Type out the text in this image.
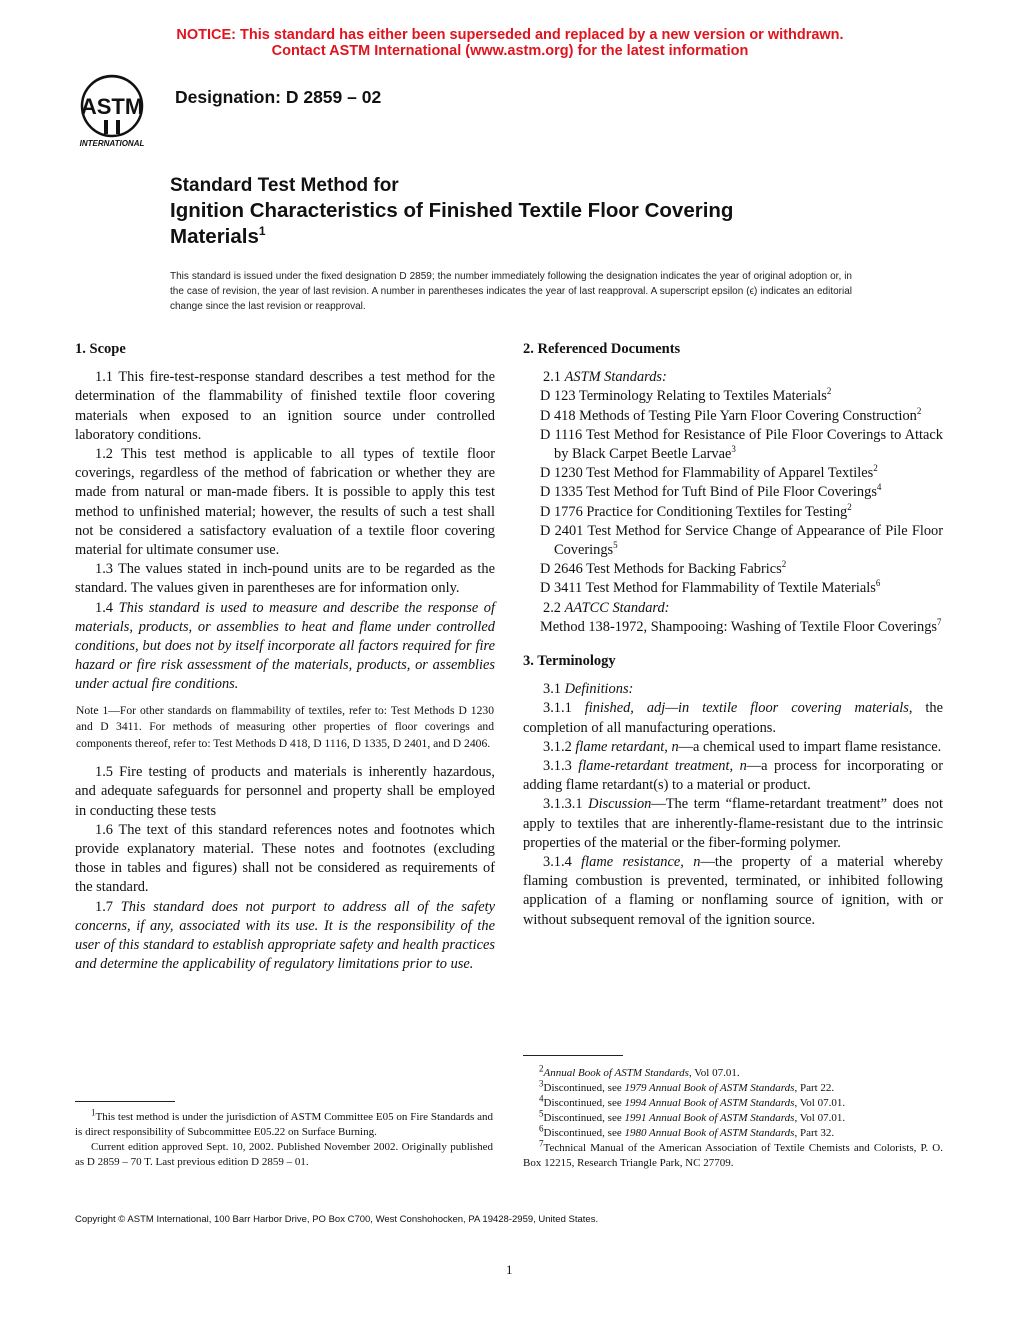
NOTICE: This standard has either been superseded and replaced by a new version or withdrawn.
Contact ASTM International (www.astm.org) for the latest information
ASTM
INTERNATIONAL
Designation: D 2859 – 02
Standard Test Method for
Ignition Characteristics of Finished Textile Floor Covering
Materials$^1$
This standard is issued under the fixed designation D 2859; the number immediately following the designation indicates the year of original adoption or, in the case of revision, the year of last revision. A number in parentheses indicates the year of last reapproval. A superscript epsilon (ϵ) indicates an editorial change since the last revision or reapproval.
1. Scope

1.1 This fire-test-response standard describes a test method for the determination of the flammability of finished textile floor covering materials when exposed to an ignition source under controlled laboratory conditions.

1.2 This test method is applicable to all types of textile floor coverings, regardless of the method of fabrication or whether they are made from natural or man-made fibers. It is possible to apply this test method to unfinished material; however, the results of such a test shall not be considered a satisfactory evaluation of a textile floor covering material for ultimate consumer use.

1.3 The values stated in inch-pound units are to be regarded as the standard. The values given in parentheses are for information only.

1.4 This standard is used to measure and describe the response of materials, products, or assemblies to heat and flame under controlled conditions, but does not by itself incorporate all factors required for fire hazard or fire risk assessment of the materials, products, or assemblies under actual fire conditions.

Note 1—For other standards on flammability of textiles, refer to: Test Methods D 1230 and D 3411. For methods of measuring other properties of floor coverings and components thereof, refer to: Test Methods D 418, D 1116, D 1335, D 2401, and D 2406.

1.5 Fire testing of products and materials is inherently hazardous, and adequate safeguards for personnel and property shall be employed in conducting these tests

1.6 The text of this standard references notes and footnotes which provide explanatory material. These notes and footnotes (excluding those in tables and figures) shall not be considered as requirements of the standard.

1.7 This standard does not purport to address all of the safety concerns, if any, associated with its use. It is the responsibility of the user of this standard to establish appropriate safety and health practices and determine the applicability of regulatory limitations prior to use.

$^1$This test method is under the jurisdiction of ASTM Committee E05 on Fire Standards and is direct responsibility of Subcommittee E05.22 on Surface Burning.

Current edition approved Sept. 10, 2002. Published November 2002. Originally published as D 2859 – 70 T. Last previous edition D 2859 – 01.

2. Referenced Documents

2.1 ASTM Standards:

D 123 Terminology Relating to Textiles Materials$^2$

D 418 Methods of Testing Pile Yarn Floor Covering Construction$^2$

D 1116 Test Method for Resistance of Pile Floor Coverings to Attack by Black Carpet Beetle Larvae$^3$

D 1230 Test Method for Flammability of Apparel Textiles$^2$

D 1335 Test Method for Tuft Bind of Pile Floor Coverings$^4$

D 1776 Practice for Conditioning Textiles for Testing$^2$

D 2401 Test Method for Service Change of Appearance of Pile Floor Coverings$^5$

D 2646 Test Methods for Backing Fabrics$^2$

D 3411 Test Method for Flammability of Textile Materials$^6$

2.2 AATCC Standard:

Method 138-1972, Shampooing: Washing of Textile Floor Coverings$^7$

3. Terminology

3.1 Definitions:

3.1.1 finished, adj—in textile floor covering materials, the completion of all manufacturing operations.

3.1.2 flame retardant, n—a chemical used to impart flame resistance.

3.1.3 flame-retardant treatment, n—a process for incorporating or adding flame retardant(s) to a material or product.

3.1.3.1 Discussion—The term “flame-retardant treatment” does not apply to textiles that are inherently-flame-resistant due to the intrinsic properties of the material or the fiber-forming polymer.

3.1.4 flame resistance, n—the property of a material whereby flaming combustion is prevented, terminated, or inhibited following application of a flaming or nonflaming source of ignition, with or without subsequent removal of the ignition source.

$^2$Annual Book of ASTM Standards, Vol 07.01.

$^3$Discontinued, see 1979 Annual Book of ASTM Standards, Part 22.

$^4$Discontinued, see 1994 Annual Book of ASTM Standards, Vol 07.01.

$^5$Discontinued, see 1991 Annual Book of ASTM Standards, Vol 07.01.

$^6$Discontinued, see 1980 Annual Book of ASTM Standards, Part 32.

$^7$Technical Manual of the American Association of Textile Chemists and Colorists, P. O. Box 12215, Research Triangle Park, NC 27709.

Copyright © ASTM International, 100 Barr Harbor Drive, PO Box C700, West Conshohocken, PA 19428-2959, United States.
1
